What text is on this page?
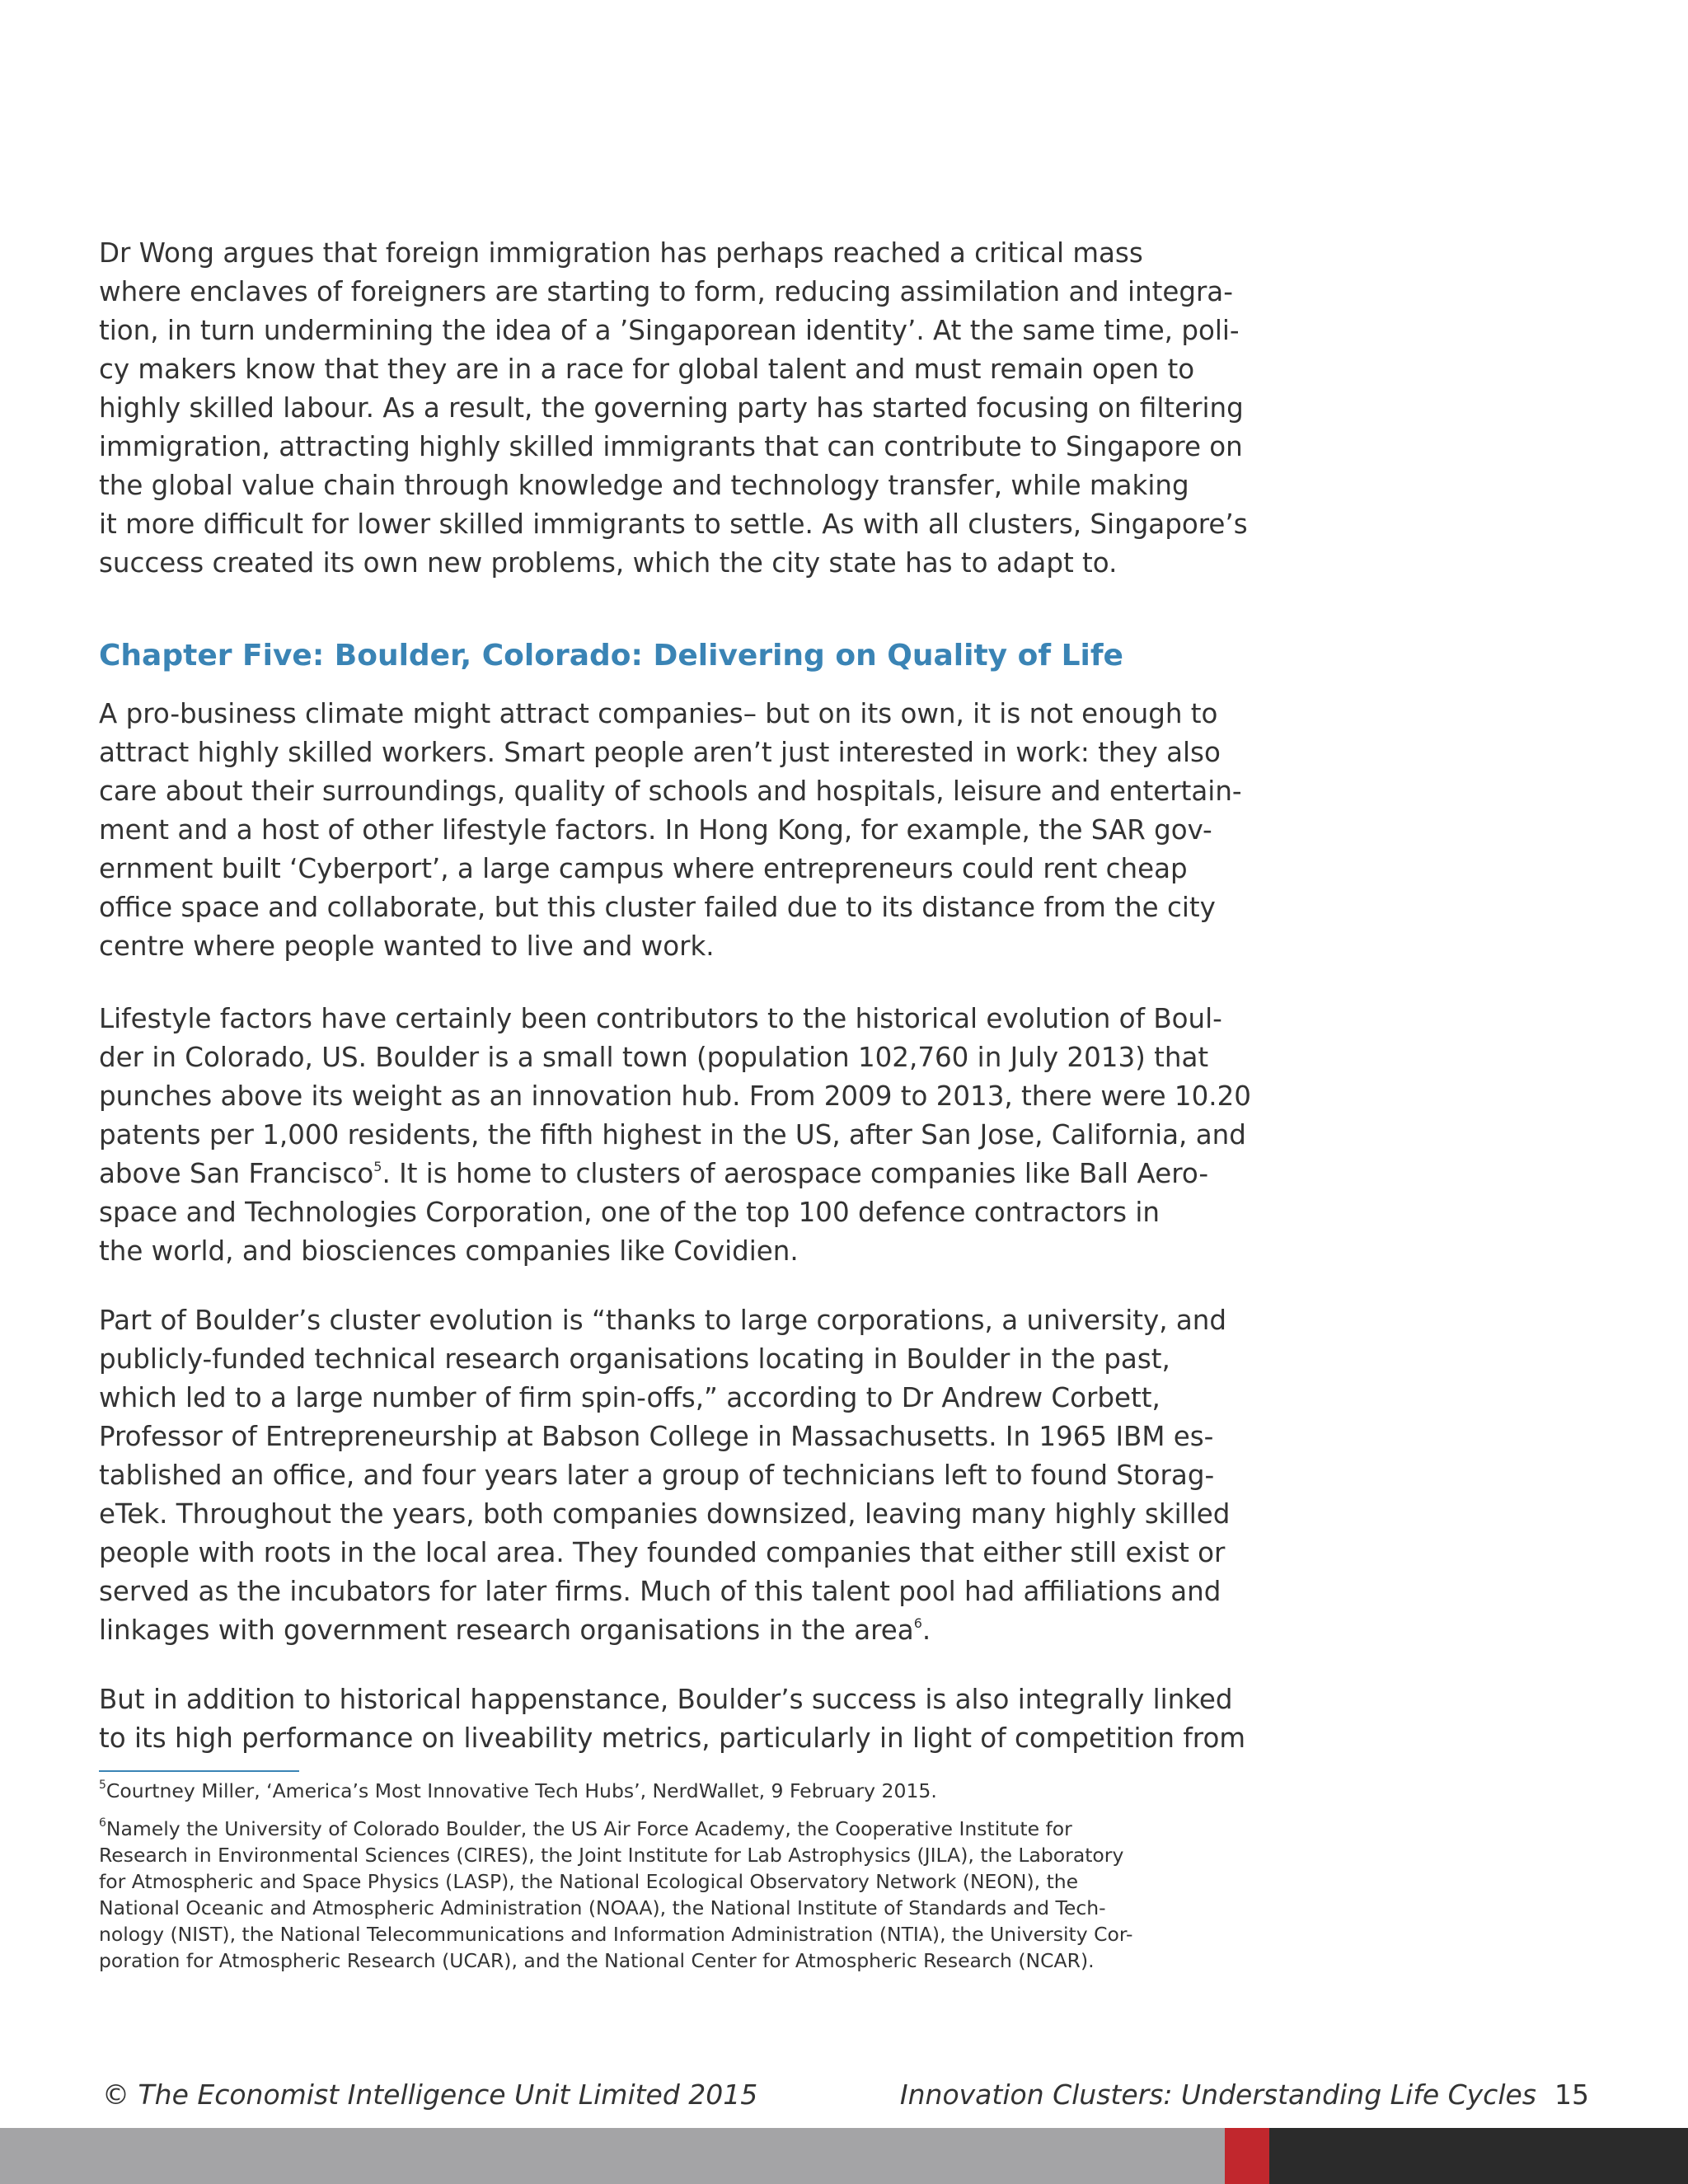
Dr Wong argues that foreign immigration has perhaps reached a critical mass
where enclaves of foreigners are starting to form, reducing assimilation and integra-
tion, in turn undermining the idea of a ’Singaporean identity’. At the same time, poli-
cy makers know that they are in a race for global talent and must remain open to
highly skilled labour. As a result, the governing party has started focusing on filtering
immigration, attracting highly skilled immigrants that can contribute to Singapore on
the global value chain through knowledge and technology transfer, while making
it more difficult for lower skilled immigrants to settle. As with all clusters, Singapore’s
success created its own new problems, which the city state has to adapt to.

Chapter Five: Boulder, Colorado: Delivering on Quality of Life

A pro-business climate might attract companies– but on its own, it is not enough to
attract highly skilled workers. Smart people aren’t just interested in work: they also
care about their surroundings, quality of schools and hospitals, leisure and entertain-
ment and a host of other lifestyle factors. In Hong Kong, for example, the SAR gov-
ernment built ‘Cyberport’, a large campus where entrepreneurs could rent cheap
office space and collaborate, but this cluster failed due to its distance from the city
centre where people wanted to live and work.

Lifestyle factors have certainly been contributors to the historical evolution of Boul-
der in Colorado, US. Boulder is a small town (population 102,760 in July 2013) that
punches above its weight as an innovation hub. From 2009 to 2013, there were 10.20
patents per 1,000 residents, the fifth highest in the US, after San Jose, California, and
above San Francisco$^5$. It is home to clusters of aerospace companies like Ball Aero-
space and Technologies Corporation, one of the top 100 defence contractors in
the world, and biosciences companies like Covidien.

Part of Boulder’s cluster evolution is “thanks to large corporations, a university, and
publicly-funded technical research organisations locating in Boulder in the past,
which led to a large number of firm spin-offs,” according to Dr Andrew Corbett,
Professor of Entrepreneurship at Babson College in Massachusetts. In 1965 IBM es-
tablished an office, and four years later a group of technicians left to found Storag-
eTek. Throughout the years, both companies downsized, leaving many highly skilled
people with roots in the local area. They founded companies that either still exist or
served as the incubators for later firms. Much of this talent pool had affiliations and
linkages with government research organisations in the area$^6$.

But in addition to historical happenstance, Boulder’s success is also integrally linked
to its high performance on liveability metrics, particularly in light of competition from

$^5$Courtney Miller, ‘America’s Most Innovative Tech Hubs’, NerdWallet, 9 February 2015.

$^6$Namely the University of Colorado Boulder, the US Air Force Academy, the Cooperative Institute for
Research in Environmental Sciences (CIRES), the Joint Institute for Lab Astrophysics (JILA), the Laboratory
for Atmospheric and Space Physics (LASP), the National Ecological Observatory Network (NEON), the
National Oceanic and Atmospheric Administration (NOAA), the National Institute of Standards and Tech-
nology (NIST), the National Telecommunications and Information Administration (NTIA), the University Cor-
poration for Atmospheric Research (UCAR), and the National Center for Atmospheric Research (NCAR).

© The Economist Intelligence Unit Limited 2015	Innovation Clusters: Understanding Life Cycles 15
